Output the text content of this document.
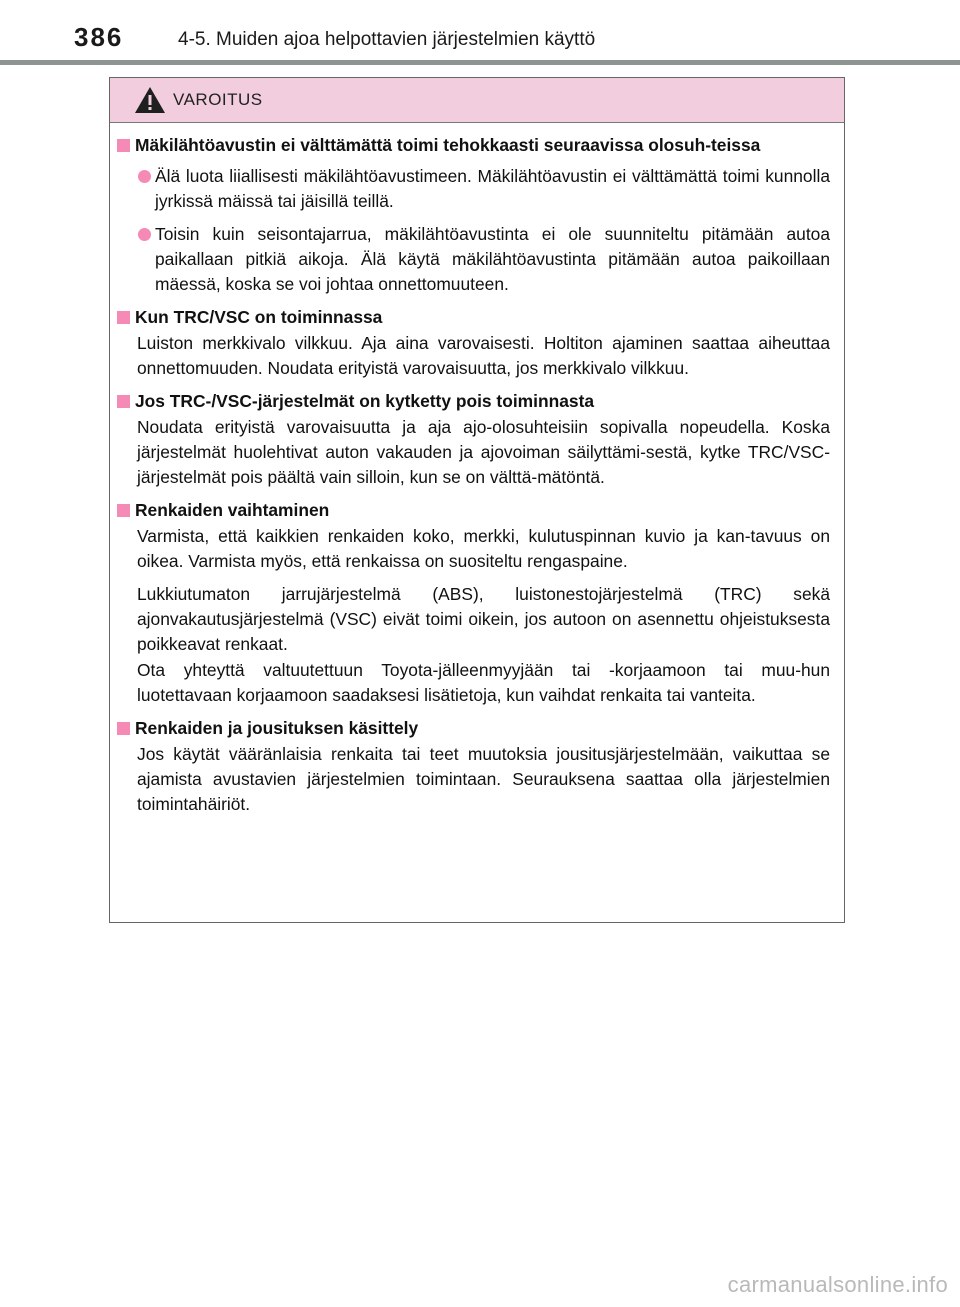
386	4-5. Muiden ajoa helpottavien järjestelmien käyttö
VAROITUS
Mäkilähtöavustin ei välttämättä toimi tehokkaasti seuraavissa olosuh-teissa
Älä luota liiallisesti mäkilähtöavustimeen. Mäkilähtöavustin ei välttämättä toimi kunnolla jyrkissä mäissä tai jäisillä teillä.
Toisin kuin seisontajarrua, mäkilähtöavustinta ei ole suunniteltu pitämään autoa paikallaan pitkiä aikoja. Älä käytä mäkilähtöavustinta pitämään autoa paikoillaan mäessä, koska se voi johtaa onnettomuuteen.
Kun TRC/VSC on toiminnassa
Luiston merkkivalo vilkkuu. Aja aina varovaisesti. Holtiton ajaminen saattaa aiheuttaa onnettomuuden. Noudata erityistä varovaisuutta, jos merkkivalo vilkkuu.
Jos TRC-/VSC-järjestelmät on kytketty pois toiminnasta
Noudata erityistä varovaisuutta ja aja ajo-olosuhteisiin sopivalla nopeudella. Koska järjestelmät huolehtivat auton vakauden ja ajovoiman säilyttämi-sestä, kytke TRC/VSC-järjestelmät pois päältä vain silloin, kun se on välttä-mätöntä.
Renkaiden vaihtaminen
Varmista, että kaikkien renkaiden koko, merkki, kulutuspinnan kuvio ja kan-tavuus on oikea. Varmista myös, että renkaissa on suositeltu rengaspaine.
Lukkiutumaton jarrujärjestelmä (ABS), luistonestojärjestelmä (TRC) sekä ajonvakautusjärjestelmä (VSC) eivät toimi oikein, jos autoon on asennettu ohjeistuksesta poikkeavat renkaat.
Ota yhteyttä valtuutettuun Toyota-jälleenmyyjään tai -korjaamoon tai muu-hun luotettavaan korjaamoon saadaksesi lisätietoja, kun vaihdat renkaita tai vanteita.
Renkaiden ja jousituksen käsittely
Jos käytät vääränlaisia renkaita tai teet muutoksia jousitusjärjestelmään, vaikuttaa se ajamista avustavien järjestelmien toimintaan. Seurauksena saattaa olla järjestelmien toimintahäiriöt.
carmanualsonline.info
